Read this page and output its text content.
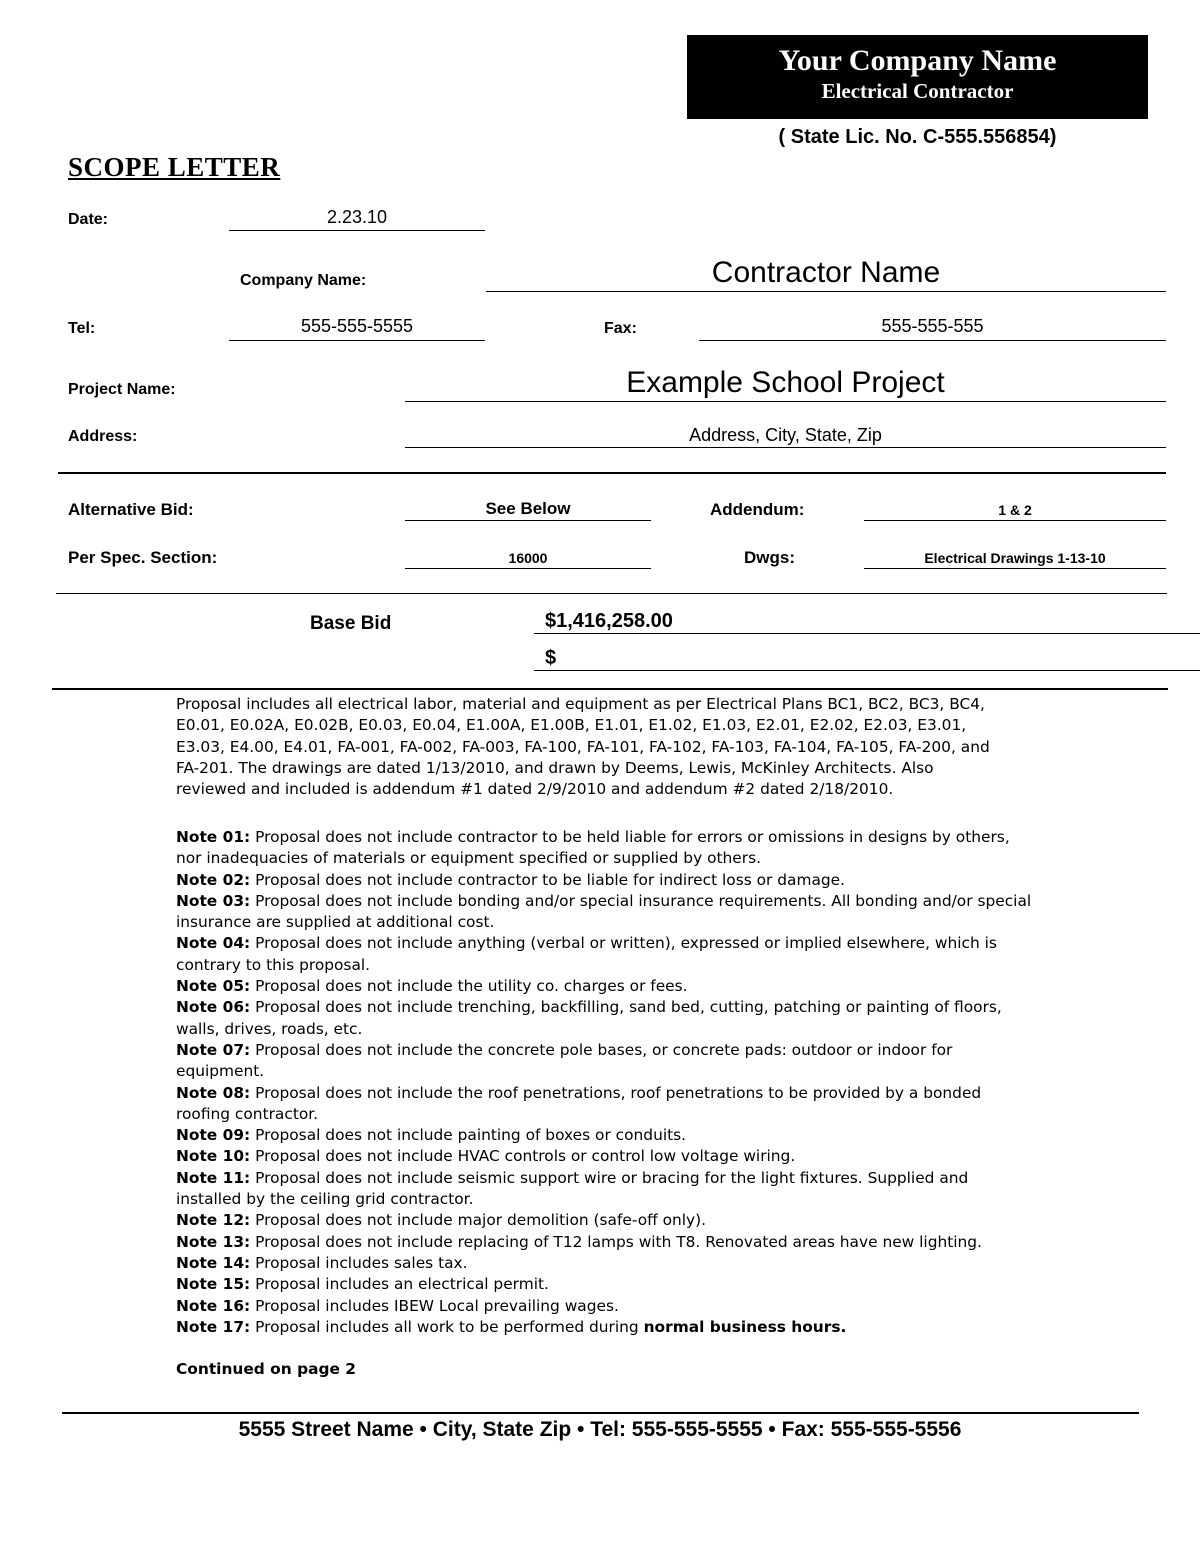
Your Company Name
Electrical Contractor
( State Lic. No. C-555.556854)
SCOPE LETTER
Date:	2.23.10
Company Name:	Contractor Name
Tel:	555-555-5555	Fax:	555-555-555
Project Name:	Example School Project
Address:	Address, City, State, Zip
Alternative Bid:	See Below	Addendum:	1 & 2
Per Spec. Section:	16000	Dwgs:	Electrical Drawings 1-13-10
Base Bid	$1,416,258.00
$
Proposal includes all electrical labor, material and equipment as per Electrical Plans BC1, BC2, BC3, BC4, E0.01, E0.02A, E0.02B, E0.03, E0.04, E1.00A, E1.00B, E1.01, E1.02, E1.03, E2.01, E2.02, E2.03, E3.01, E3.03, E4.00, E4.01, FA-001, FA-002, FA-003, FA-100, FA-101, FA-102, FA-103, FA-104, FA-105, FA-200, and FA-201. The drawings are dated 1/13/2010, and drawn by Deems, Lewis, McKinley Architects. Also reviewed and included is addendum #1 dated 2/9/2010 and addendum #2 dated 2/18/2010.

Note 01: Proposal does not include contractor to be held liable for errors or omissions in designs by others, nor inadequacies of materials or equipment specified or supplied by others.

Note 02: Proposal does not include contractor to be liable for indirect loss or damage.

Note 03: Proposal does not include bonding and/or special insurance requirements. All bonding and/or special insurance are supplied at additional cost.

Note 04: Proposal does not include anything (verbal or written), expressed or implied elsewhere, which is contrary to this proposal.

Note 05: Proposal does not include the utility co. charges or fees.

Note 06: Proposal does not include trenching, backfilling, sand bed, cutting, patching or painting of floors, walls, drives, roads, etc.

Note 07: Proposal does not include the concrete pole bases, or concrete pads: outdoor or indoor for equipment.

Note 08: Proposal does not include the roof penetrations, roof penetrations to be provided by a bonded roofing contractor.

Note 09: Proposal does not include painting of boxes or conduits.

Note 10: Proposal does not include HVAC controls or control low voltage wiring.

Note 11: Proposal does not include seismic support wire or bracing for the light fixtures. Supplied and installed by the ceiling grid contractor.

Note 12: Proposal does not include major demolition (safe-off only).

Note 13: Proposal does not include replacing of T12 lamps with T8. Renovated areas have new lighting.

Note 14: Proposal includes sales tax.

Note 15: Proposal includes an electrical permit.

Note 16: Proposal includes IBEW Local prevailing wages.

Note 17: Proposal includes all work to be performed during normal business hours.

Continued on page 2
5555 Street Name • City, State Zip • Tel: 555-555-5555 • Fax: 555-555-5556
